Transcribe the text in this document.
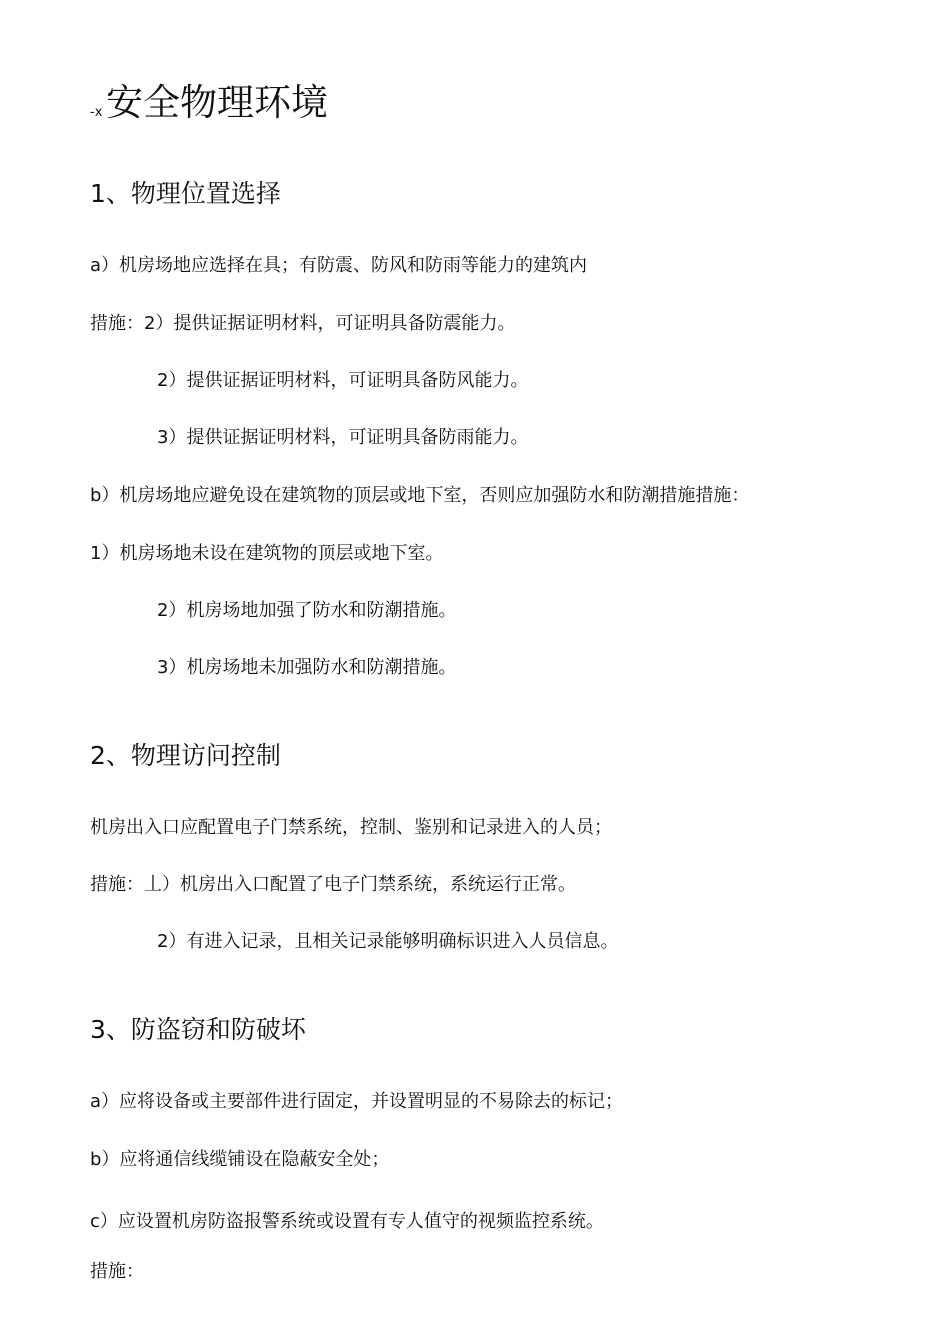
-x 安全物理环境
1、物理位置选择
a）机房场地应选择在具；有防震、防风和防雨等能力的建筑内
措施：2）提供证据证明材料，可证明具备防震能力。
2）提供证据证明材料，可证明具备防风能力。
3）提供证据证明材料，可证明具备防雨能力。
b）机房场地应避免设在建筑物的顶层或地下室，否则应加强防水和防潮措施措施：
1）机房场地未设在建筑物的顶层或地下室。
2）机房场地加强了防水和防潮措施。
3）机房场地未加强防水和防潮措施。
2、物理访问控制
机房出入口应配置电子门禁系统，控制、鉴别和记录进入的人员；
措施：丄）机房出入口配置了电子门禁系统，系统运行正常。
2）有进入记录，且相关记录能够明确标识进入人员信息。
3、防盗窃和防破坏
a）应将设备或主要部件进行固定，并设置明显的不易除去的标记；
b）应将通信线缆铺设在隐蔽安全处；
c）应设置机房防盗报警系统或设置有专人值守的视频监控系统。
措施：
